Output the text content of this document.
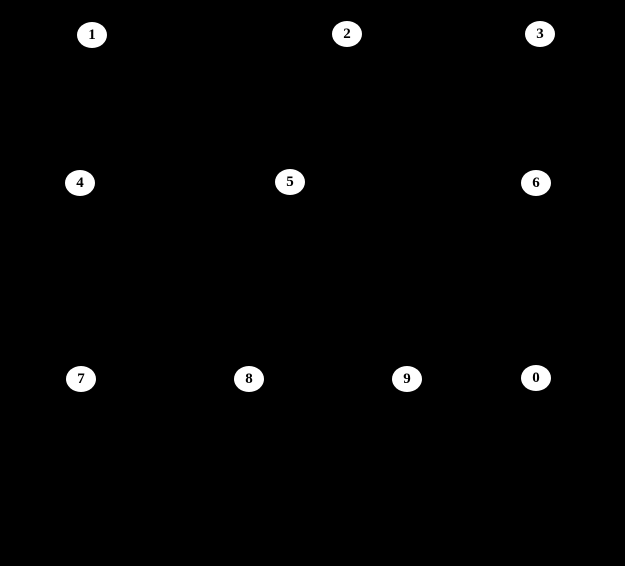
1	2	3
4	5	6
7	8	9	0
